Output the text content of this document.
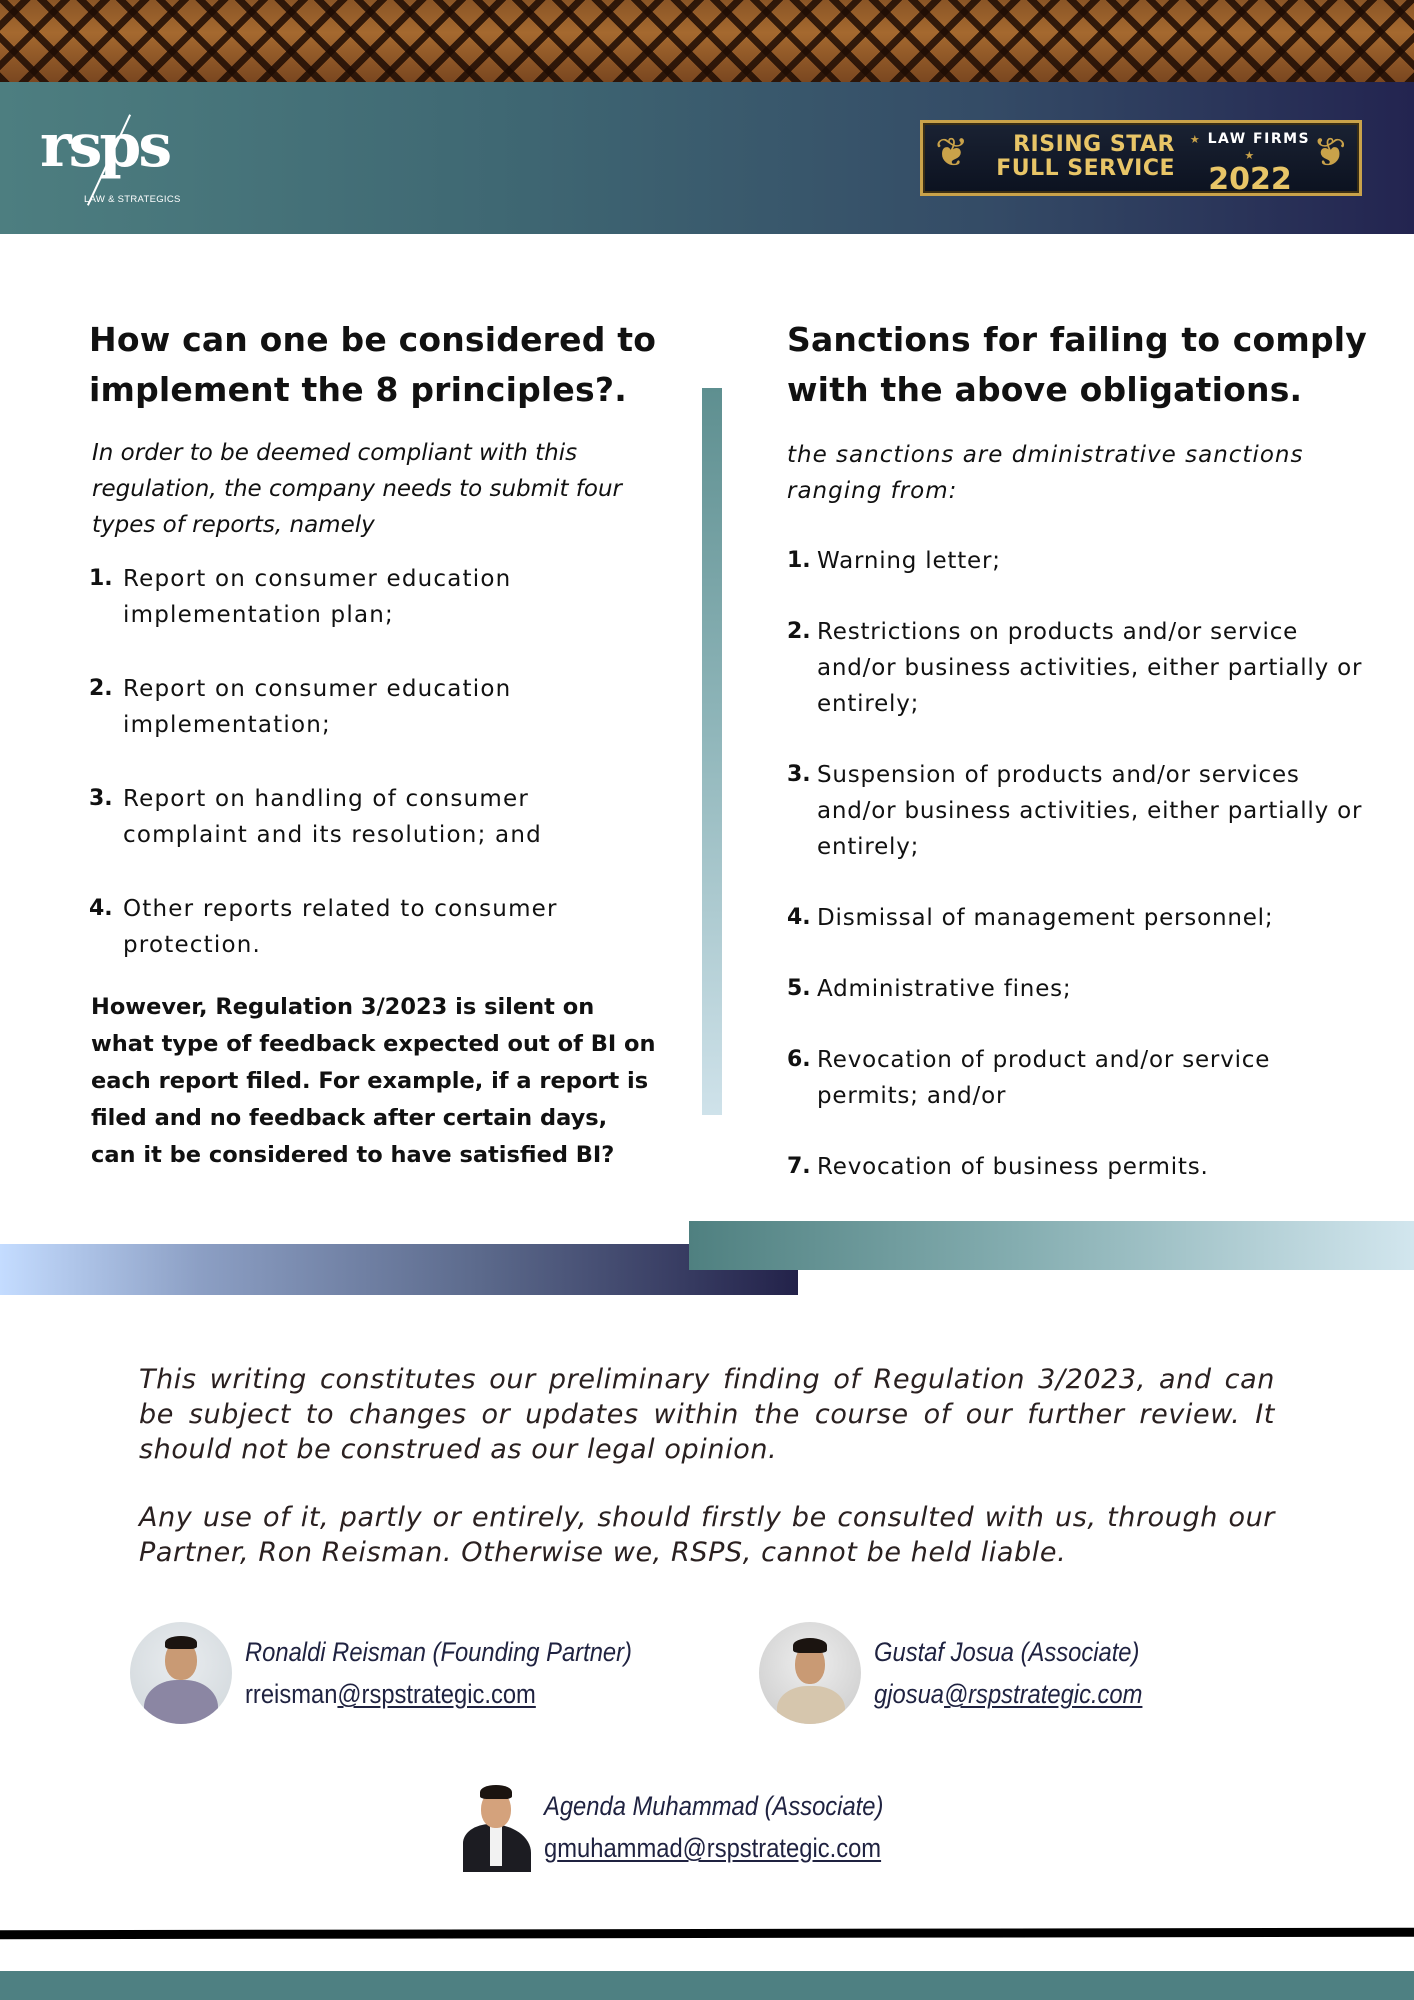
rsps
LAW & STRATEGICS
❦	RISING STAR
FULL SERVICE
★ LAW FIRMS ★
2022
❦
How can one be considered to implement the 8 principles?.

In order to be deemed compliant with this regulation, the company needs to submit four types of reports, namely

1. Report on consumer education implementation plan;
2. Report on consumer education implementation;
3. Report on handling of consumer complaint and its resolution; and
4. Other reports related to consumer protection.

However, Regulation 3/2023 is silent on what type of feedback expected out of BI on each report filed. For example, if a report is filed and no feedback after certain days, can it be considered to have satisfied BI?

Sanctions for failing to comply with the above obligations.

the sanctions are dministrative sanctions ranging from:

1. Warning letter;
2. Restrictions on products and/or service and/or business activities, either partially or entirely;
3. Suspension of products and/or services and/or business activities, either partially or entirely;
4. Dismissal of management personnel;
5. Administrative fines;
6. Revocation of product and/or service permits; and/or
7. Revocation of business permits.

This writing constitutes our preliminary finding of Regulation 3/2023, and can be subject to changes or updates within the course of our further review. It should not be construed as our legal opinion.

Any use of it, partly or entirely, should firstly be consulted with us, through our Partner, Ron Reisman. Otherwise we, RSPS, cannot be held liable.

Ronaldi Reisman (Founding Partner)
rreisman@rspstrategic.com
Gustaf Josua (Associate)
gjosua@rspstrategic.com
Agenda Muhammad (Associate)
gmuhammad@rspstrategic.com
